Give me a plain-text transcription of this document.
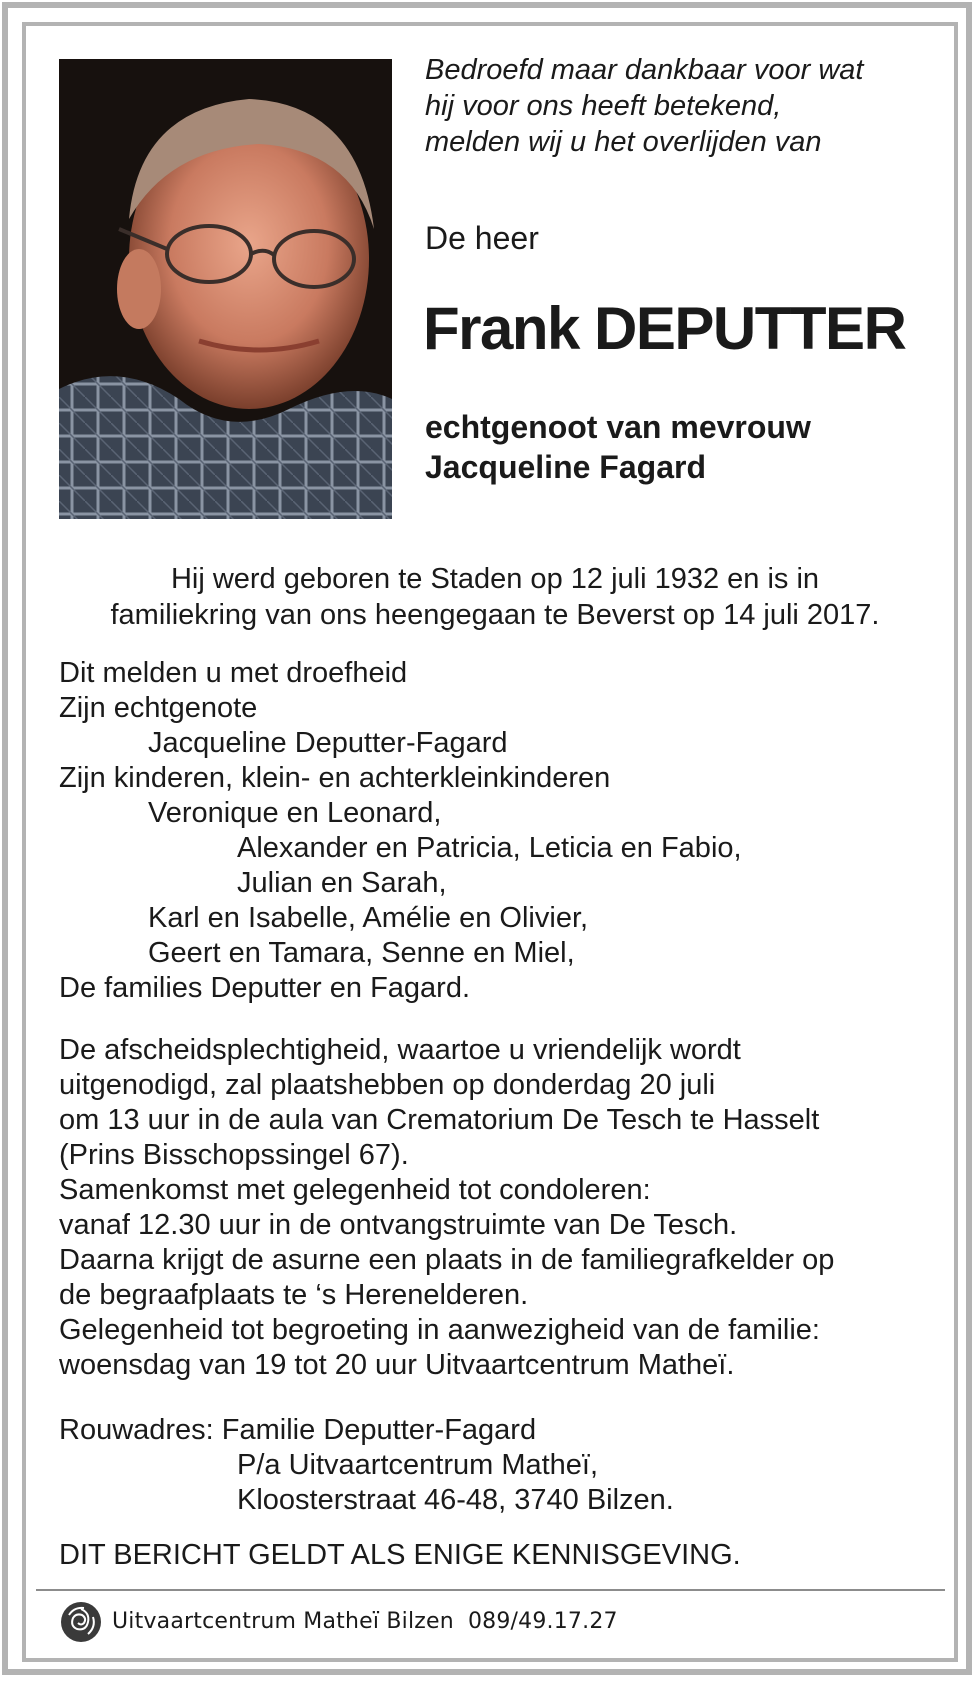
Bedroefd maar dankbaar voor wat
hij voor ons heeft betekend,
melden wij u het overlijden van
De heer
Frank DEPUTTER
echtgenoot van mevrouw
Jacqueline Fagard
Hij werd geboren te Staden op 12 juli 1932 en is in
familiekring van ons heengegaan te Beverst op 14 juli 2017.
Dit melden u met droefheid
Zijn echtgenote
Jacqueline Deputter-Fagard
Zijn kinderen, klein- en achterkleinkinderen
Veronique en Leonard,
Alexander en Patricia, Leticia en Fabio,
Julian en Sarah,
Karl en Isabelle, Amélie en Olivier,
Geert en Tamara, Senne en Miel,
De families Deputter en Fagard.
De afscheidsplechtigheid, waartoe u vriendelijk wordt
uitgenodigd, zal plaatshebben op donderdag 20 juli
om 13 uur in de aula van Crematorium De Tesch te Hasselt
(Prins Bisschopssingel 67).
Samenkomst met gelegenheid tot condoleren:
vanaf 12.30 uur in de ontvangstruimte van De Tesch.
Daarna krijgt de asurne een plaats in de familiegrafkelder op
de begraafplaats te ‘s Herenelderen.
Gelegenheid tot begroeting in aanwezigheid van de familie:
woensdag van 19 tot 20 uur Uitvaartcentrum Matheï.
Rouwadres: Familie Deputter-Fagard
P/a Uitvaartcentrum Matheï,
Kloosterstraat 46-48, 3740 Bilzen.
DIT BERICHT GELDT ALS ENIGE KENNISGEVING.
Uitvaartcentrum Matheï Bilzen 089/49.17.27
